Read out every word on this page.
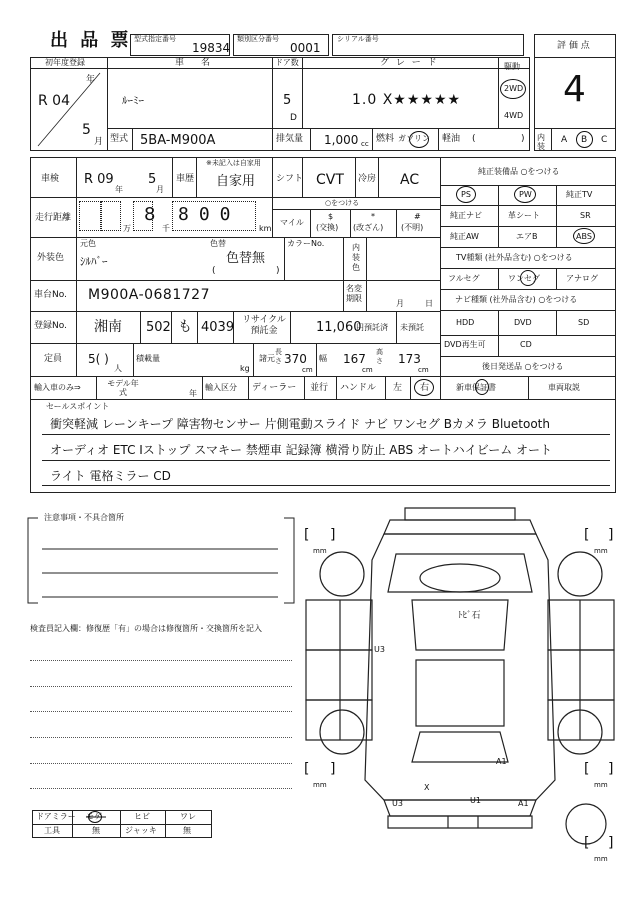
出 品 票 型式指定番号
19834
類別区分番号
0001
シリアル番号
初年度登録
年
R 04
5
月
車　名
ﾙｰﾐｰ
ドア数
5
D
グ レ ー ド
1.0 X★★★★★
駆動
2WD
4WD
型式 5BA-M900A	排気量 1,000 cc 燃料 ガソリン 軽油 (	)
評 価 点
4
内装
A B C
車検 R 09
年
5
月
車歴
※未記入は自家用
自家用 シフト CVT 冷房 AC
走行距離
万
8
千
800
km
○をつける
マイル
$
(交換)
*
(改ざん)
#
(不明)
外装色
元色
ｼﾙﾊﾞｰ
色替
色替無
(	)
カラーNo.	内装色
車台No. M900A-0681727	名変期限
月	日
登録No. 湘南 502 も 4039 リサイクル預託金	11,060
円預託済 未預託
定員 5( )
人
積載量
kg
諸元
長さ 370
cm
幅 167
cm
高さ 173
cm
輸入車のみ⇒	モデル年式	年
輸入区分 ディーラー 並行 ハンドル 左 右
純正装備品 ○をつける
PS	PW	純正TV
純正ナビ	革シート	SR
純正AW	エアB	ABS
TV種類 (社外品含む) ○をつける
フルセグ	ワンセグ	アナログ
ナビ種類 (社外品含む) ○をつける
HDD	DVD	SD
DVD再生可	CD
後日発送品 ○をつける
新車保証書	車両取説
セールスポイント
衝突軽減 レーンキープ 障害物センサー 片側電動スライド ナビ ワンセグ Bカメラ Bluetooth
オーディオ ETC Iストップ スマキー 禁煙車 記録簿 横滑り防止 ABS オートハイビーム オート
ライト 電格ミラー CD
注意事項・不具合箇所
検査員記入欄：修復歴「有」の場合は修復箇所・交換箇所を記入
ドアミラー モゲ	ヒビ	ワレ
工具	無	ジャッキ	無
[ ]
mm
[ ]
mm
[ ]
mm
[ ]
mm
[ ]
mm
ﾄﾋﾞ石
U3
A1
X
U1
U3	A1
